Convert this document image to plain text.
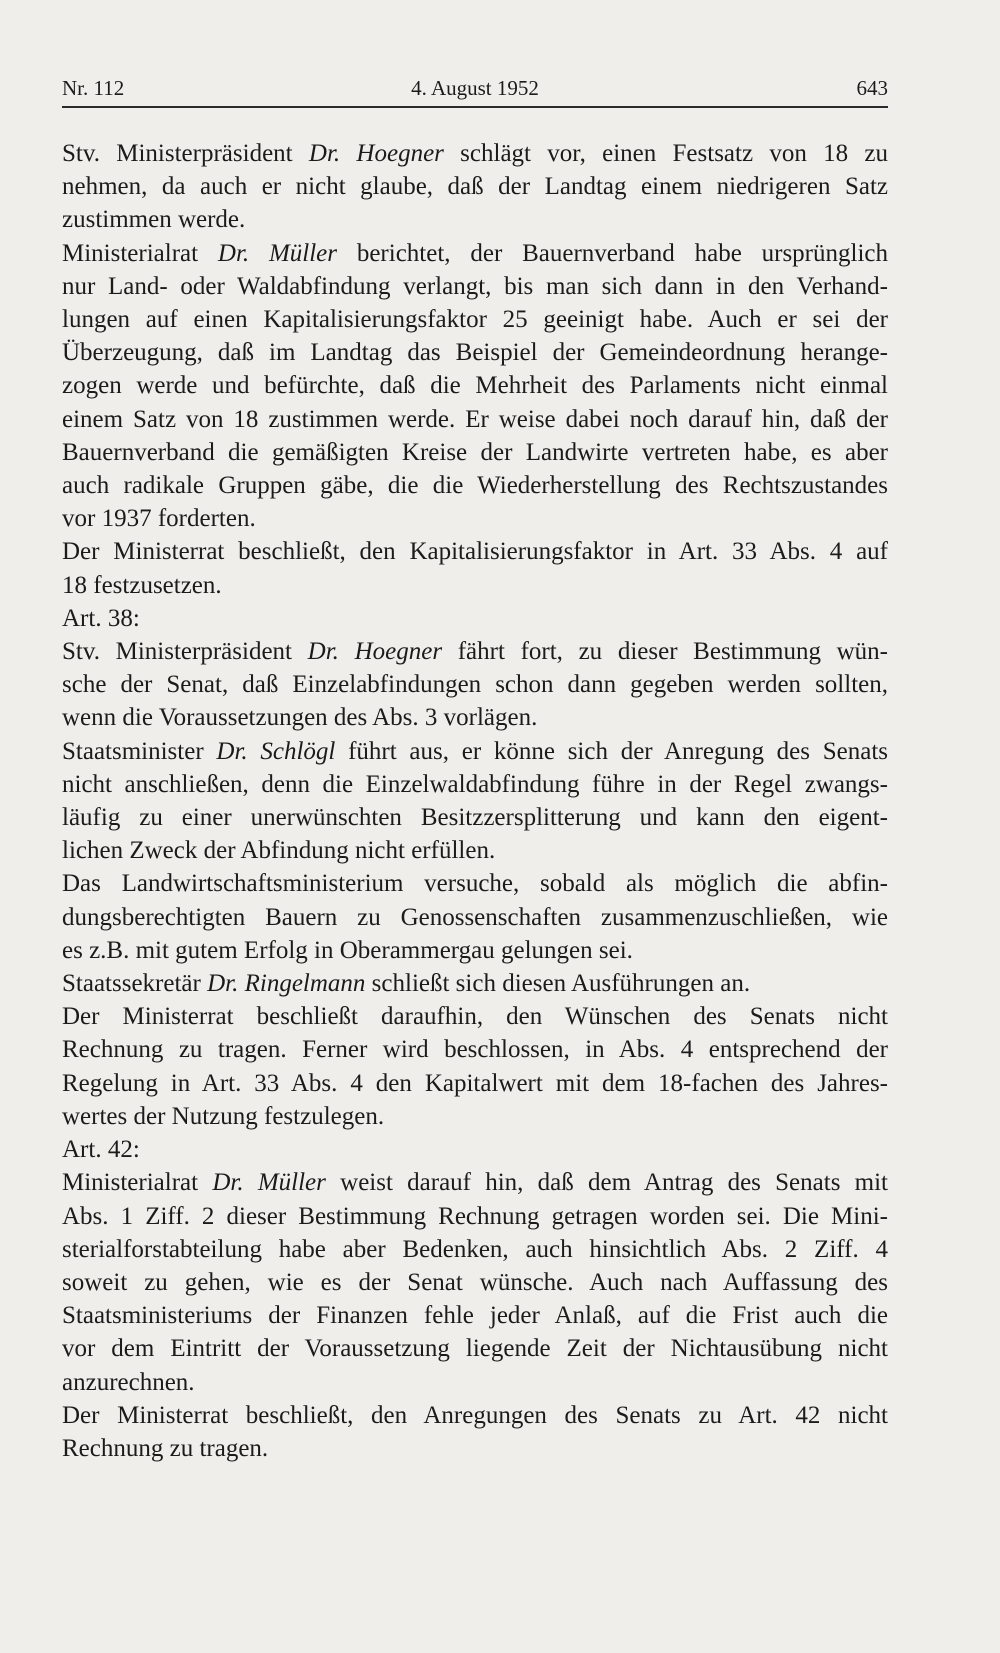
Nr. 112	4. August 1952	643
Stv. Ministerpräsident Dr. Hoegner schlägt vor, einen Festsatz von 18 zu
nehmen, da auch er nicht glaube, daß der Landtag einem niedrigeren Satz
zustimmen werde.
Ministerialrat Dr. Müller berichtet, der Bauernverband habe ursprünglich
nur Land- oder Waldabfindung verlangt, bis man sich dann in den Verhand-
lungen auf einen Kapitalisierungsfaktor 25 geeinigt habe. Auch er sei der
Überzeugung, daß im Landtag das Beispiel der Gemeindeordnung herange-
zogen werde und befürchte, daß die Mehrheit des Parlaments nicht einmal
einem Satz von 18 zustimmen werde. Er weise dabei noch darauf hin, daß der
Bauernverband die gemäßigten Kreise der Landwirte vertreten habe, es aber
auch radikale Gruppen gäbe, die die Wiederherstellung des Rechtszustandes
vor 1937 forderten.
Der Ministerrat beschließt, den Kapitalisierungsfaktor in Art. 33 Abs. 4 auf
18 festzusetzen.
Art. 38:
Stv. Ministerpräsident Dr. Hoegner fährt fort, zu dieser Bestimmung wün-
sche der Senat, daß Einzelabfindungen schon dann gegeben werden sollten,
wenn die Voraussetzungen des Abs. 3 vorlägen.
Staatsminister Dr. Schlögl führt aus, er könne sich der Anregung des Senats
nicht anschließen, denn die Einzelwaldabfindung führe in der Regel zwangs-
läufig zu einer unerwünschten Besitzzersplitterung und kann den eigent-
lichen Zweck der Abfindung nicht erfüllen.
Das Landwirtschaftsministerium versuche, sobald als möglich die abfin-
dungsberechtigten Bauern zu Genossenschaften zusammenzuschließen, wie
es z.B. mit gutem Erfolg in Oberammergau gelungen sei.
Staatssekretär Dr. Ringelmann schließt sich diesen Ausführungen an.
Der Ministerrat beschließt daraufhin, den Wünschen des Senats nicht
Rechnung zu tragen. Ferner wird beschlossen, in Abs. 4 entsprechend der
Regelung in Art. 33 Abs. 4 den Kapitalwert mit dem 18-fachen des Jahres-
wertes der Nutzung festzulegen.
Art. 42:
Ministerialrat Dr. Müller weist darauf hin, daß dem Antrag des Senats mit
Abs. 1 Ziff. 2 dieser Bestimmung Rechnung getragen worden sei. Die Mini-
sterialforstabteilung habe aber Bedenken, auch hinsichtlich Abs. 2 Ziff. 4
soweit zu gehen, wie es der Senat wünsche. Auch nach Auffassung des
Staatsministeriums der Finanzen fehle jeder Anlaß, auf die Frist auch die
vor dem Eintritt der Voraussetzung liegende Zeit der Nichtausübung nicht
anzurechnen.
Der Ministerrat beschließt, den Anregungen des Senats zu Art. 42 nicht
Rechnung zu tragen.
